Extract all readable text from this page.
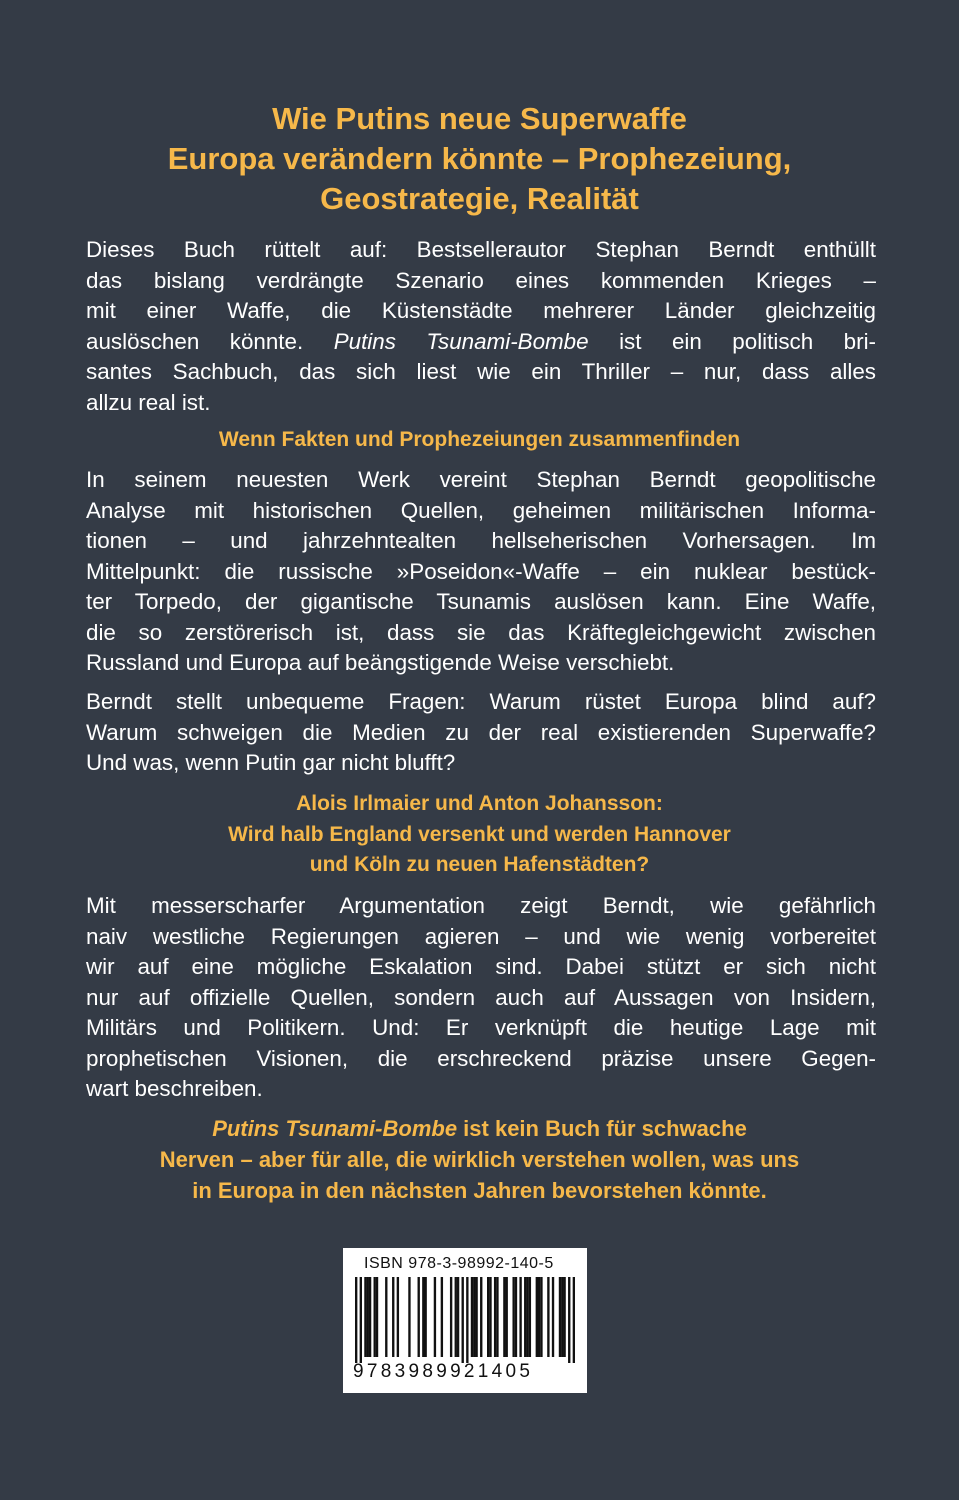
Wie Putins neue Superwaffe
Europa verändern könnte – Prophezeiung,
Geostrategie, Realität

Dieses Buch rüttelt auf: Bestsellerautor Stephan Berndt enthüllt
das bislang verdrängte Szenario eines kommenden Krieges –
mit einer Waffe, die Küstenstädte mehrerer Länder gleichzeitig
auslöschen könnte. Putins Tsunami-Bombe ist ein politisch bri-
santes Sachbuch, das sich liest wie ein Thriller – nur, dass alles
allzu real ist.

Wenn Fakten und Prophezeiungen zusammenfinden

In seinem neuesten Werk vereint Stephan Berndt geopolitische
Analyse mit historischen Quellen, geheimen militärischen Informa-
tionen – und jahrzehntealten hellseherischen Vorhersagen. Im
Mittelpunkt: die russische »Poseidon«-Waffe – ein nuklear bestück-
ter Torpedo, der gigantische Tsunamis auslösen kann. Eine Waffe,
die so zerstörerisch ist, dass sie das Kräftegleichgewicht zwischen
Russland und Europa auf beängstigende Weise verschiebt.

Berndt stellt unbequeme Fragen: Warum rüstet Europa blind auf?
Warum schweigen die Medien zu der real existierenden Superwaffe?
Und was, wenn Putin gar nicht blufft?

Alois Irlmaier und Anton Johansson:
Wird halb England versenkt und werden Hannover
und Köln zu neuen Hafenstädten?

Mit messerscharfer Argumentation zeigt Berndt, wie gefährlich
naiv westliche Regierungen agieren – und wie wenig vorbereitet
wir auf eine mögliche Eskalation sind. Dabei stützt er sich nicht
nur auf offizielle Quellen, sondern auch auf Aussagen von Insidern,
Militärs und Politikern. Und: Er verknüpft die heutige Lage mit
prophetischen Visionen, die erschreckend präzise unsere Gegen-
wart beschreiben.

Putins Tsunami-Bombe ist kein Buch für schwache
Nerven – aber für alle, die wirklich verstehen wollen, was uns
in Europa in den nächsten Jahren bevorstehen könnte.

ISBN 978-3-98992-140-5
9783989921405
